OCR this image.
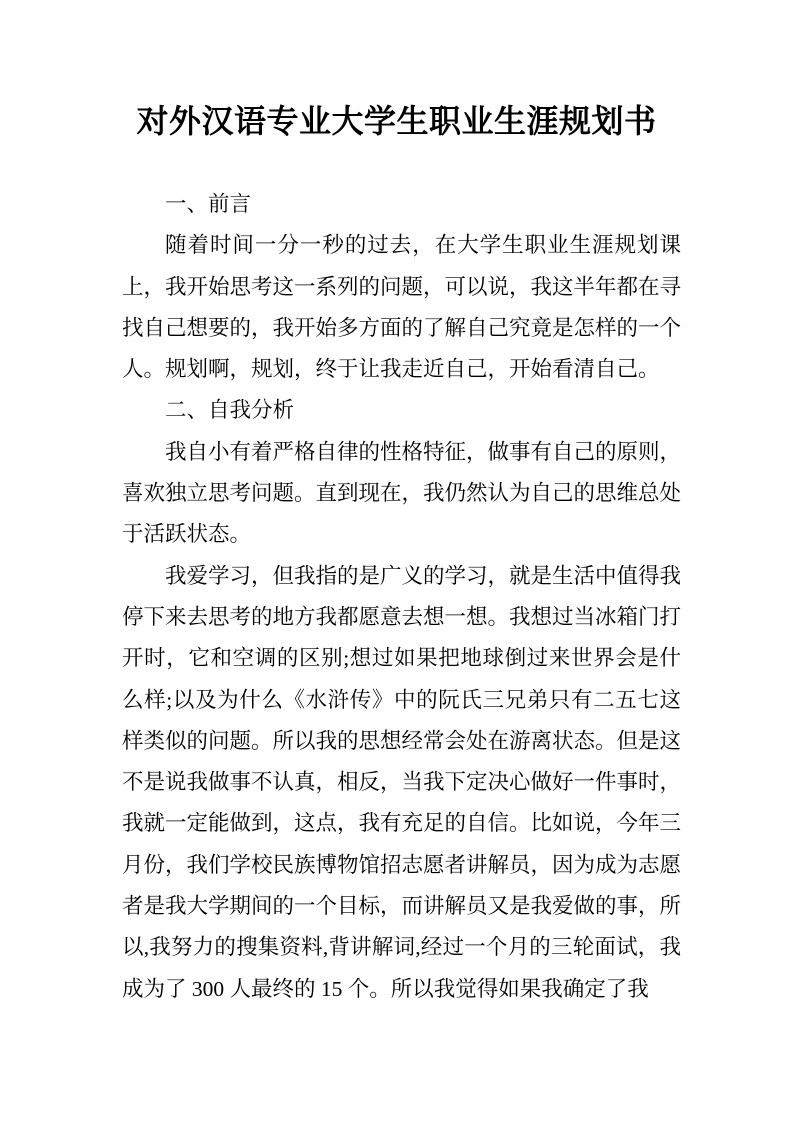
对外汉语专业大学生职业生涯规划书

一、前言

随着时间一分一秒的过去，在大学生职业生涯规划课上，我开始思考这一系列的问题，可以说，我这半年都在寻找自己想要的，我开始多方面的了解自己究竟是怎样的一个人。规划啊，规划，终于让我走近自己，开始看清自己。

二、自我分析

我自小有着严格自律的性格特征，做事有自己的原则，喜欢独立思考问题。直到现在，我仍然认为自己的思维总处于活跃状态。

我爱学习，但我指的是广义的学习，就是生活中值得我停下来去思考的地方我都愿意去想一想。我想过当冰箱门打开时，它和空调的区别;想过如果把地球倒过来世界会是什么样;以及为什么《水浒传》中的阮氏三兄弟只有二五七这样类似的问题。所以我的思想经常会处在游离状态。但是这不是说我做事不认真，相反，当我下定决心做好一件事时，我就一定能做到，这点，我有充足的自信。比如说，今年三月份，我们学校民族博物馆招志愿者讲解员，因为成为志愿者是我大学期间的一个目标，而讲解员又是我爱做的事，所以,我努力的搜集资料,背讲解词,经过一个月的三轮面试，我成为了 300 人最终的 15 个。所以我觉得如果我确定了我
